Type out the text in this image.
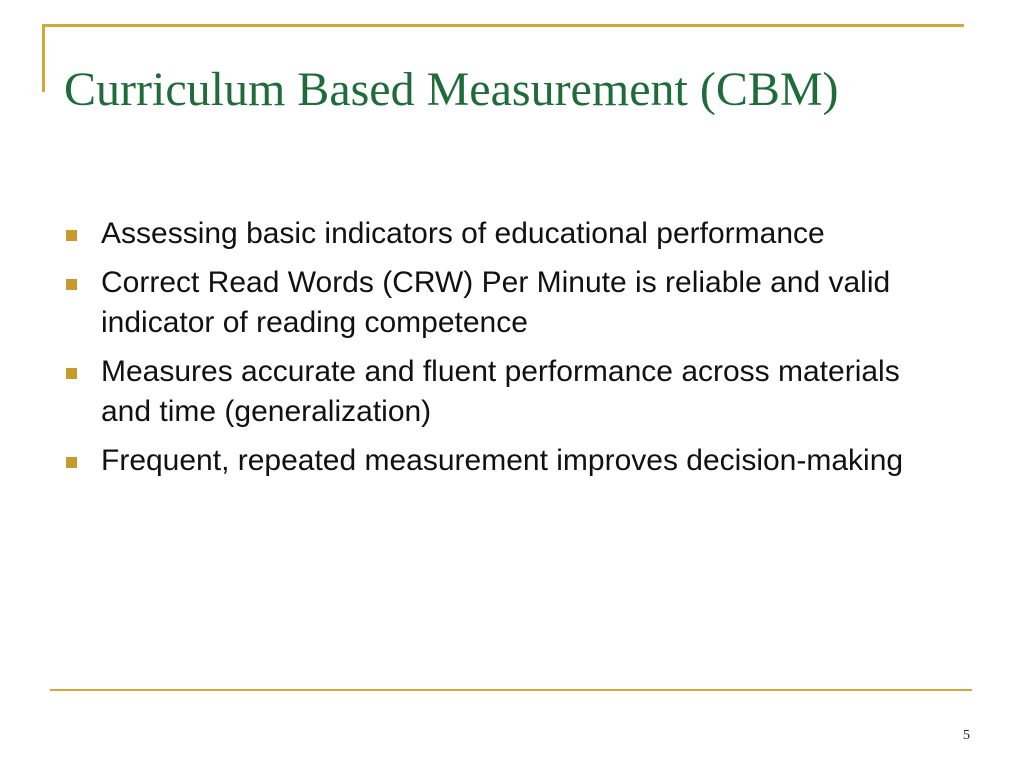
Curriculum Based Measurement (CBM)
Assessing basic indicators of educational performance
Correct Read Words (CRW) Per Minute is reliable and valid indicator of reading competence
Measures accurate and fluent performance across materials and time (generalization)
Frequent, repeated measurement improves decision-making
5
